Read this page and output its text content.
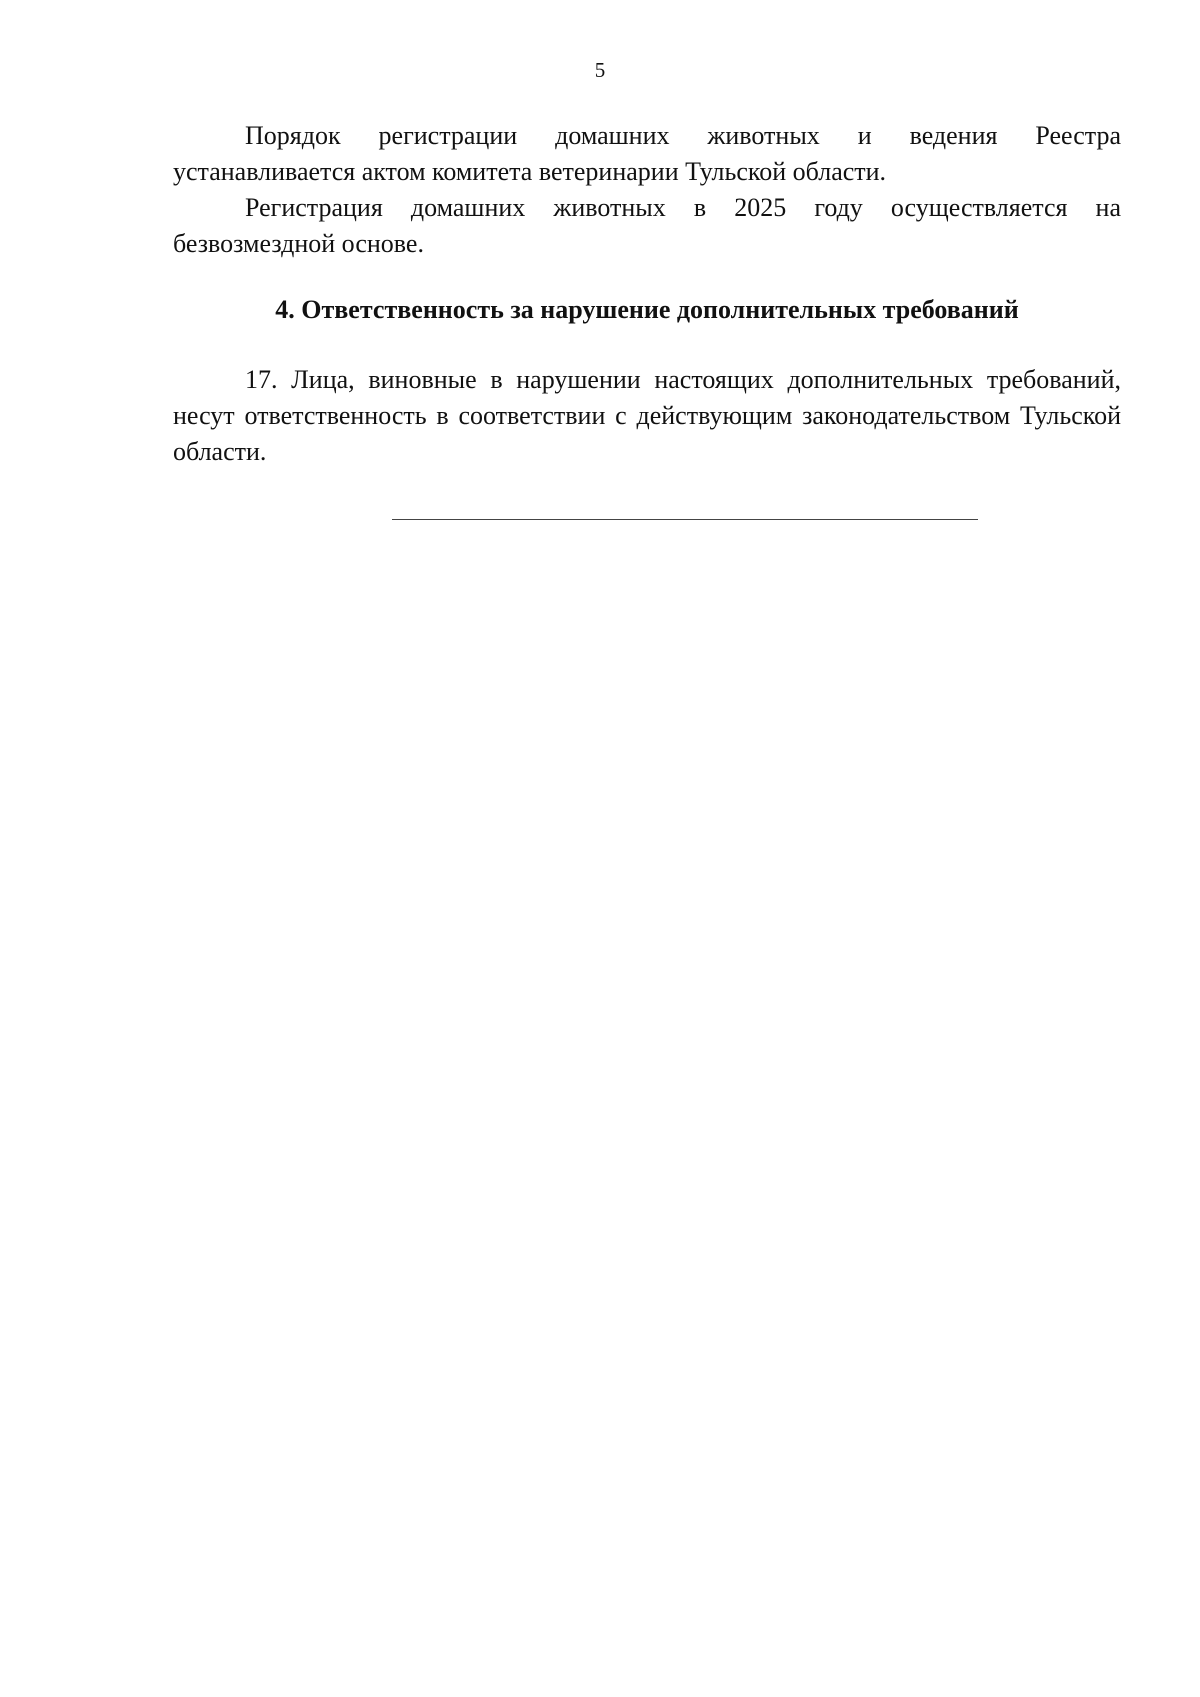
5

Порядок регистрации домашних животных и ведения Реестра устанавливается актом комитета ветеринарии Тульской области.

Регистрация домашних животных в 2025 году осуществляется на безвозмездной основе.

4. Ответственность за нарушение дополнительных требований

17. Лица, виновные в нарушении настоящих дополнительных требований, несут ответственность в соответствии с действующим законодательством Тульской области.
